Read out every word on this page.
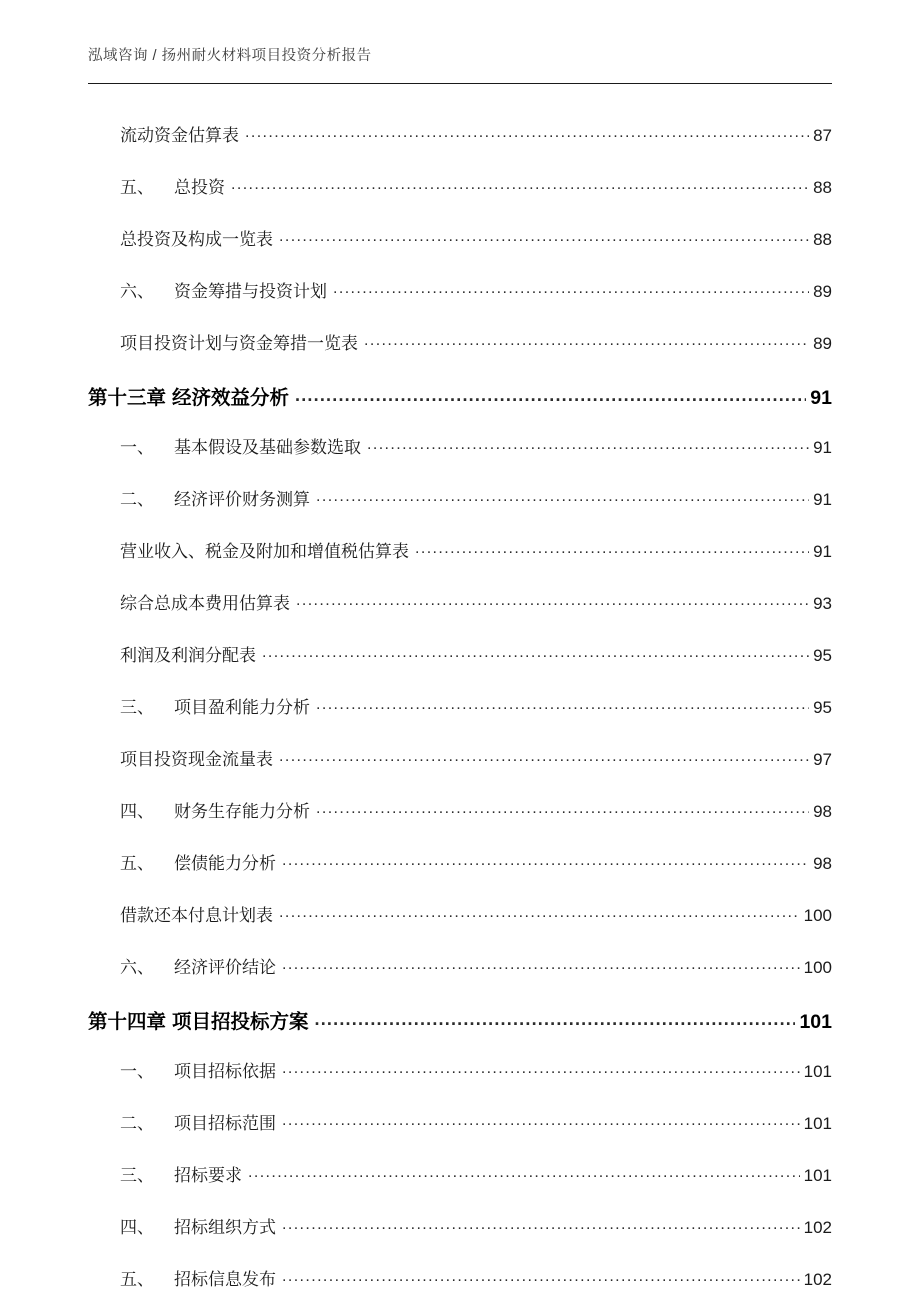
泓域咨询 / 扬州耐火材料项目投资分析报告
流动资金估算表 .....	87
五、 总投资 .....	88
总投资及构成一览表 .....	88
六、 资金筹措与投资计划 .....	89
项目投资计划与资金筹措一览表 .....	89
第十三章 经济效益分析 .....	91
一、 基本假设及基础参数选取 .....	91
二、 经济评价财务测算 .....	91
营业收入、税金及附加和增值税估算表 .....	91
综合总成本费用估算表 .....	93
利润及利润分配表 .....	95
三、 项目盈利能力分析 .....	95
项目投资现金流量表 .....	97
四、 财务生存能力分析 .....	98
五、 偿债能力分析 .....	98
借款还本付息计划表 .....	100
六、 经济评价结论 .....	100
第十四章 项目招投标方案 .....	101
一、 项目招标依据 .....	101
二、 项目招标范围 .....	101
三、 招标要求 .....	101
四、 招标组织方式 .....	102
五、 招标信息发布 .....	102
